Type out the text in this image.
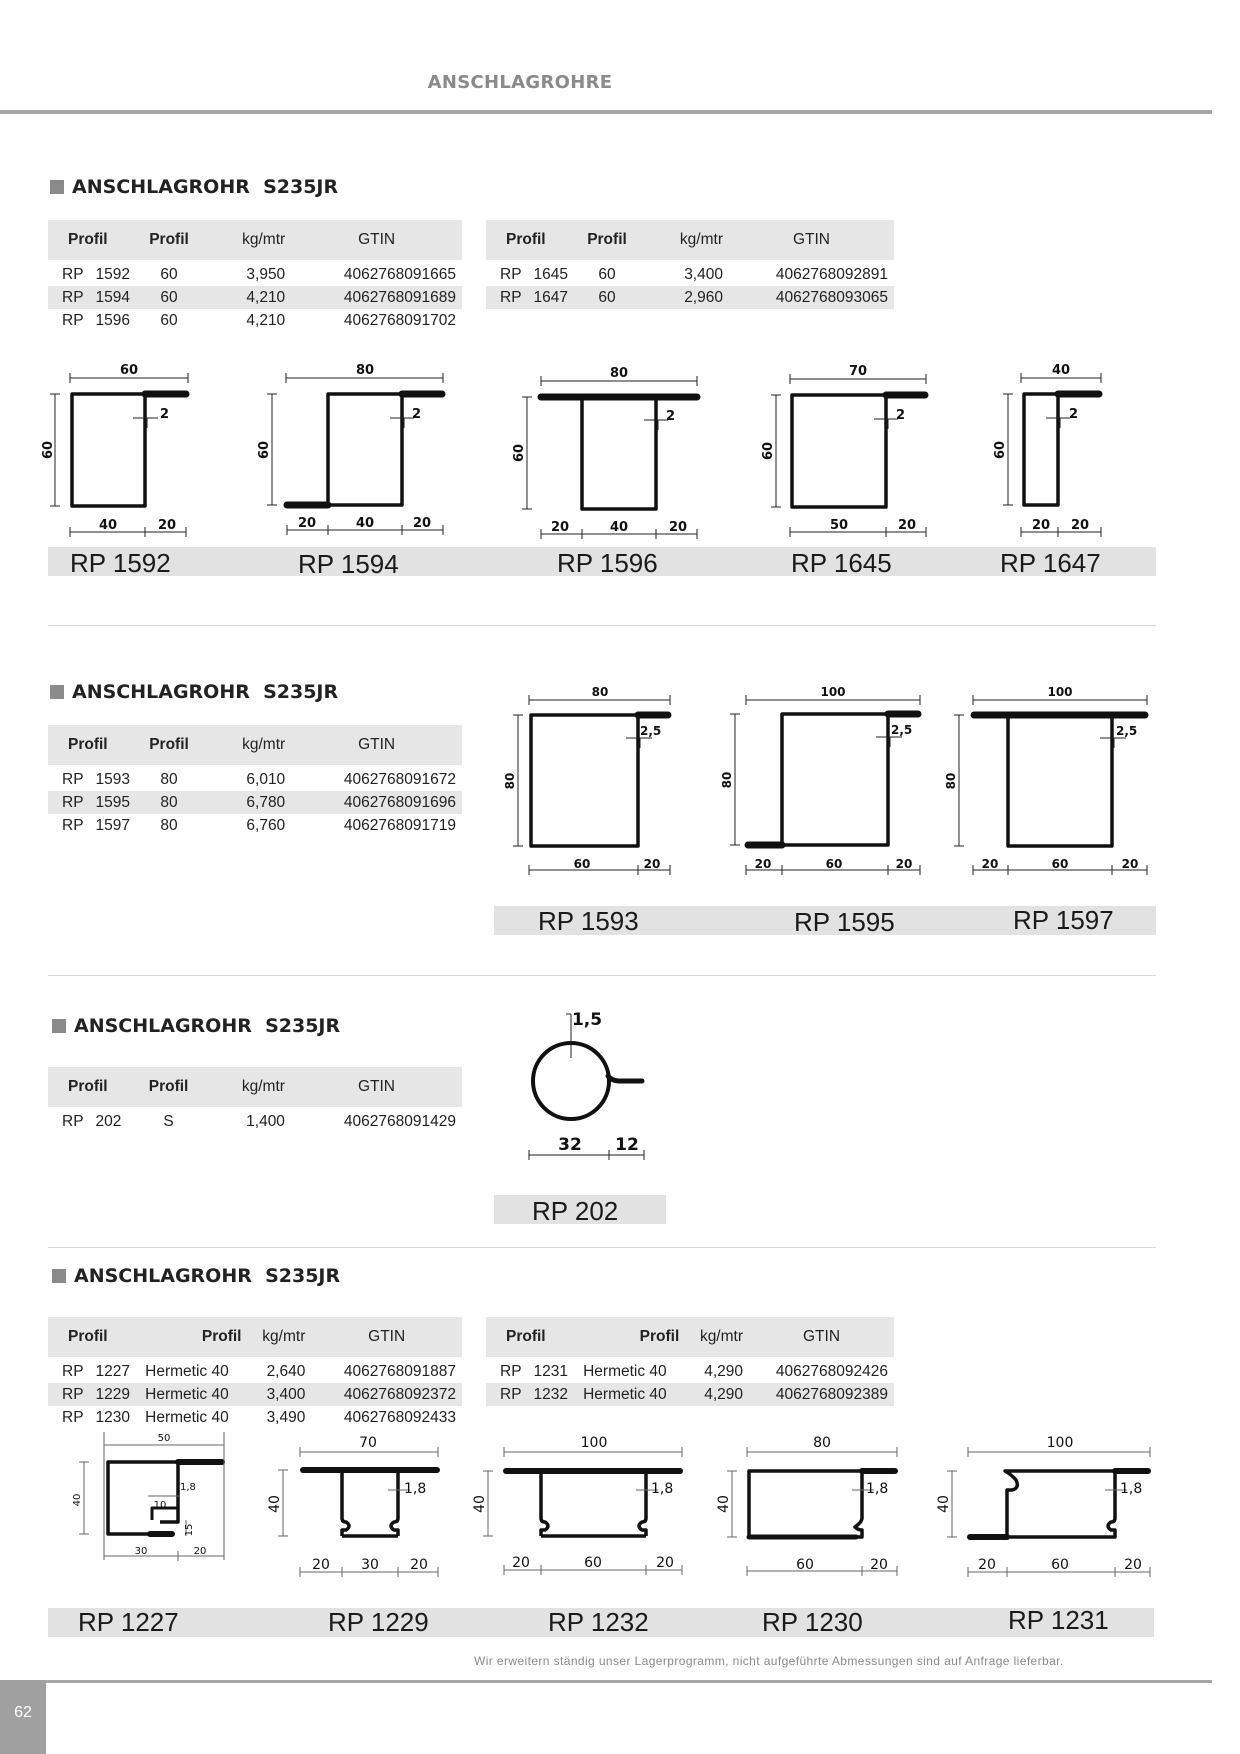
ANSCHLAGROHRE
ANSCHLAGROHR  S235JR
Profil		Profil	kg/mtr	GTIN
RP	1592	60	3,950	4062768091665
RP	1594	60	4,210	4062768091689
RP	1596	60	4,210	4062768091702
Profil		Profil	kg/mtr	GTIN
RP	1645	60	3,400	4062768092891
RP	1647	60	2,960	4062768093065
RP 1592	RP 1594	RP 1596	RP 1645	RP 1647
ANSCHLAGROHR  S235JR
Profil		Profil	kg/mtr	GTIN
RP	1593	80	6,010	4062768091672
RP	1595	80	6,780	4062768091696
RP	1597	80	6,760	4062768091719
RP 1593	RP 1595	RP 1597
ANSCHLAGROHR  S235JR
Profil		Profil	kg/mtr	GTIN
RP	202	S	1,400	4062768091429
RP 202
ANSCHLAGROHR  S235JR
Profil		Profil	kg/mtr	GTIN
RP	1227	Hermetic 40	2,640	4062768091887
RP	1229	Hermetic 40	3,400	4062768092372
RP	1230	Hermetic 40	3,490	4062768092433
Profil		Profil	kg/mtr	GTIN
RP	1231	Hermetic 40	4,290	4062768092426
RP	1232	Hermetic 40	4,290	4062768092389
RP 1227	RP 1229	RP 1232	RP 1230	RP 1231
60
2
60
40	20
80
2
60
20	40	20
80
2
60
20	40	20
70
2
60
50	20
40
2
60
20 20
80
2,5
80
60	20
100
2,5
80
20	60	20
100
2,5
80
20	60	20
1,5
32 12
50
1,8
40	10
15
30	20
70
1,8
40
20 30 20
100
1,8
40
20	60	20
80
1,8
40
60	20
100
1,8
40
20	60	20
Wir erweitern ständig unser Lagerprogramm, nicht aufgeführte Abmessungen sind auf Anfrage lieferbar.
62
